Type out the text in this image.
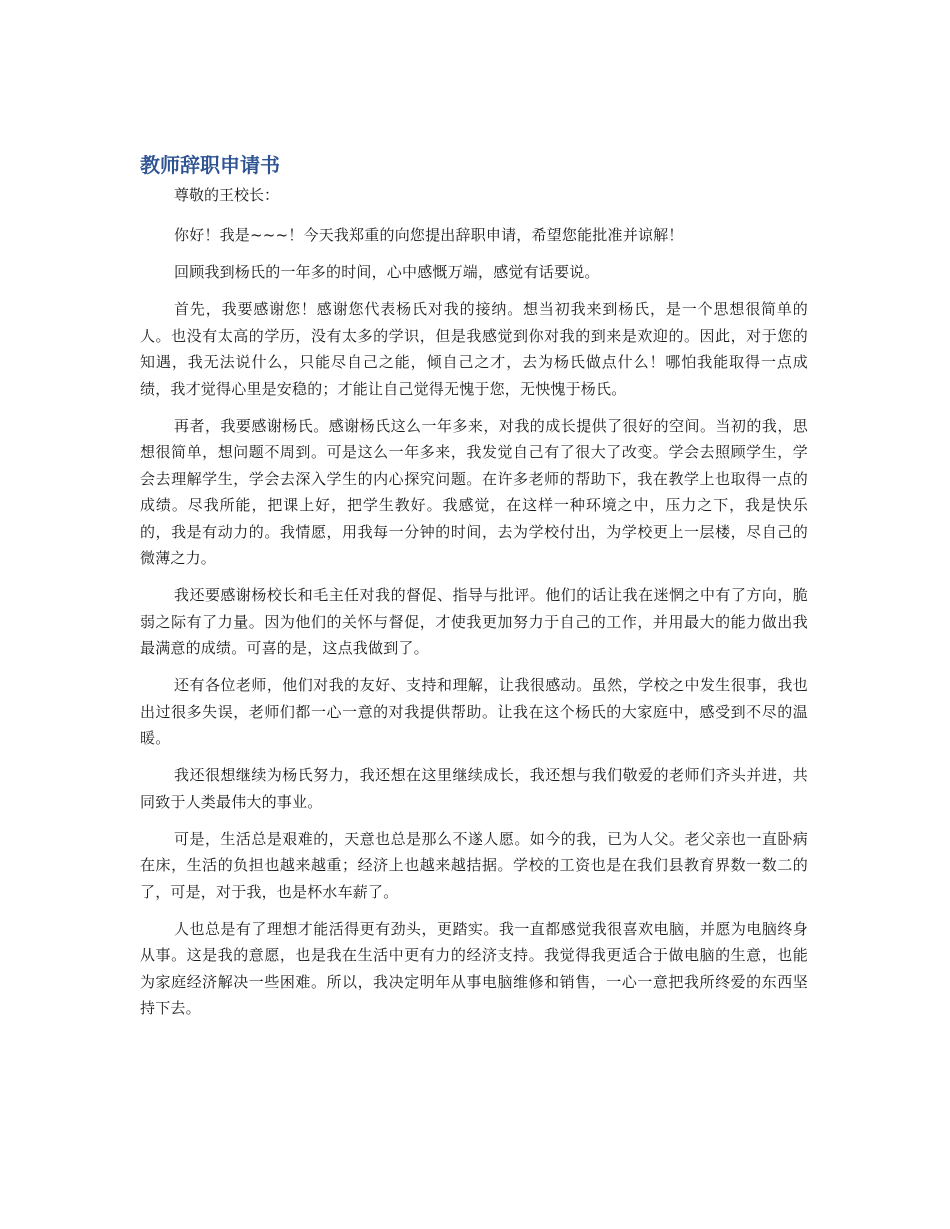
教师辞职申请书

尊敬的王校长：

你好！我是~~~！今天我郑重的向您提出辞职申请，希望您能批准并谅解！

回顾我到杨氏的一年多的时间，心中感慨万端，感觉有话要说。

首先，我要感谢您！感谢您代表杨氏对我的接纳。想当初我来到杨氏，是一个思想很简单的人。也没有太高的学历，没有太多的学识，但是我感觉到你对我的到来是欢迎的。因此，对于您的知遇，我无法说什么，只能尽自己之能，倾自己之才，去为杨氏做点什么！哪怕我能取得一点成绩，我才觉得心里是安稳的；才能让自己觉得无愧于您，无怏愧于杨氏。

再者，我要感谢杨氏。感谢杨氏这么一年多来，对我的成长提供了很好的空间。当初的我，思想很简单，想问题不周到。可是这么一年多来，我发觉自己有了很大了改变。学会去照顾学生，学会去理解学生，学会去深入学生的内心探究问题。在许多老师的帮助下，我在教学上也取得一点的成绩。尽我所能，把课上好，把学生教好。我感觉，在这样一种环境之中，压力之下，我是快乐的，我是有动力的。我情愿，用我每一分钟的时间，去为学校付出，为学校更上一层楼，尽自己的微薄之力。

我还要感谢杨校长和毛主任对我的督促、指导与批评。他们的话让我在迷惘之中有了方向，脆弱之际有了力量。因为他们的关怀与督促，才使我更加努力于自己的工作，并用最大的能力做出我最满意的成绩。可喜的是，这点我做到了。

还有各位老师，他们对我的友好、支持和理解，让我很感动。虽然，学校之中发生很事，我也出过很多失误，老师们都一心一意的对我提供帮助。让我在这个杨氏的大家庭中，感受到不尽的温暖。

我还很想继续为杨氏努力，我还想在这里继续成长，我还想与我们敬爱的老师们齐头并进，共同致于人类最伟大的事业。

可是，生活总是艰难的，天意也总是那么不遂人愿。如今的我，已为人父。老父亲也一直卧病在床，生活的负担也越来越重；经济上也越来越拮据。学校的工资也是在我们县教育界数一数二的了，可是，对于我，也是杯水车薪了。

人也总是有了理想才能活得更有劲头，更踏实。我一直都感觉我很喜欢电脑，并愿为电脑终身从事。这是我的意愿，也是我在生活中更有力的经济支持。我觉得我更适合于做电脑的生意，也能为家庭经济解决一些困难。所以，我决定明年从事电脑维修和销售，一心一意把我所终爱的东西坚持下去。
